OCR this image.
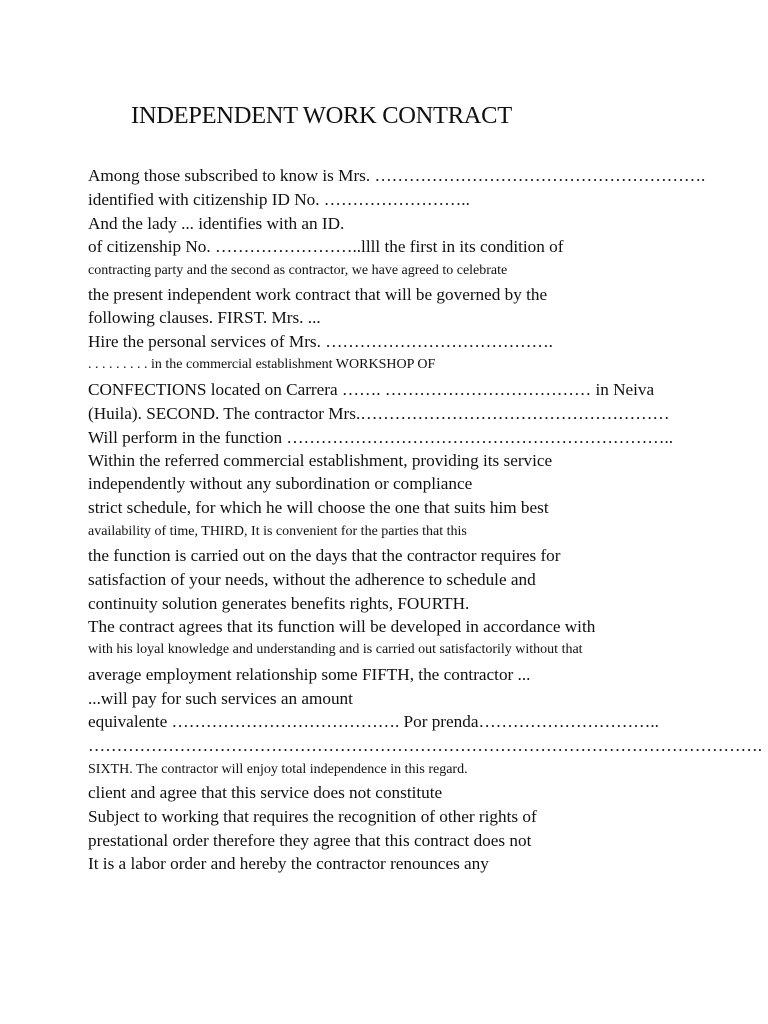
INDEPENDENT WORK CONTRACT
Among those subscribed to know is Mrs. ………………………………………………….
identified with citizenship ID No. ……………………..
And the lady ... identifies with an ID.
of citizenship No. ……………………..llll the first in its condition of
contracting party and the second as contractor, we have agreed to celebrate
the present independent work contract that will be governed by the
following clauses. FIRST. Mrs. ...
Hire the personal services of Mrs. ………………………………….
. . . . . . . . . in the commercial establishment WORKSHOP OF
CONFECTIONS located on Carrera ……. ……………………………… in Neiva
(Huila). SECOND. The contractor Mrs.………………………………………………
Will perform in the function …………………………………………………………..
Within the referred commercial establishment, providing its service
independently without any subordination or compliance
strict schedule, for which he will choose the one that suits him best
availability of time, THIRD, It is convenient for the parties that this
the function is carried out on the days that the contractor requires for
satisfaction of your needs, without the adherence to schedule and
continuity solution generates benefits rights, FOURTH.
The contract agrees that its function will be developed in accordance with
with his loyal knowledge and understanding and is carried out satisfactorily without that
average employment relationship some FIFTH, the contractor ...
...will pay for such services an amount
equivalente …………………………………. Por prenda…………………………..
……………………………………………………………………………………………………….
SIXTH. The contractor will enjoy total independence in this regard.
client and agree that this service does not constitute
Subject to working that requires the recognition of other rights of
prestational order therefore they agree that this contract does not
It is a labor order and hereby the contractor renounces any
